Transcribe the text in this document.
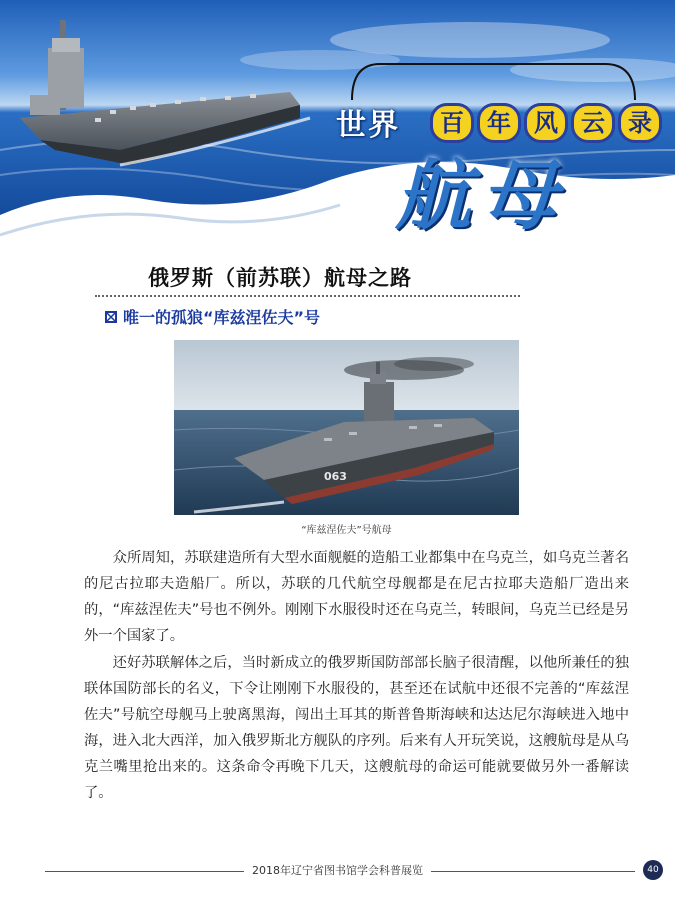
世界	百 年 风 云 录
航母
俄罗斯（前苏联）航母之路
唯一的孤狼“库兹涅佐夫”号
063
“库兹涅佐夫”号航母
众所周知，苏联建造所有大型水面舰艇的造船工业都集中在乌克兰，如乌克兰著名的尼古拉耶夫造船厂。所以，苏联的几代航空母舰都是在尼古拉耶夫造船厂造出来的，“库兹涅佐夫”号也不例外。刚刚下水服役时还在乌克兰，转眼间，乌克兰已经是另外一个国家了。
还好苏联解体之后，当时新成立的俄罗斯国防部部长脑子很清醒，以他所兼任的独联体国防部长的名义，下令让刚刚下水服役的，甚至还在试航中还很不完善的“库兹涅佐夫”号航空母舰马上驶离黑海，闯出土耳其的斯普鲁斯海峡和达达尼尔海峡进入地中海，进入北大西洋，加入俄罗斯北方舰队的序列。后来有人开玩笑说，这艘航母是从乌克兰嘴里抢出来的。这条命令再晚下几天，这艘航母的命运可能就要做另外一番解读了。
2018年辽宁省图书馆学会科普展览	40
